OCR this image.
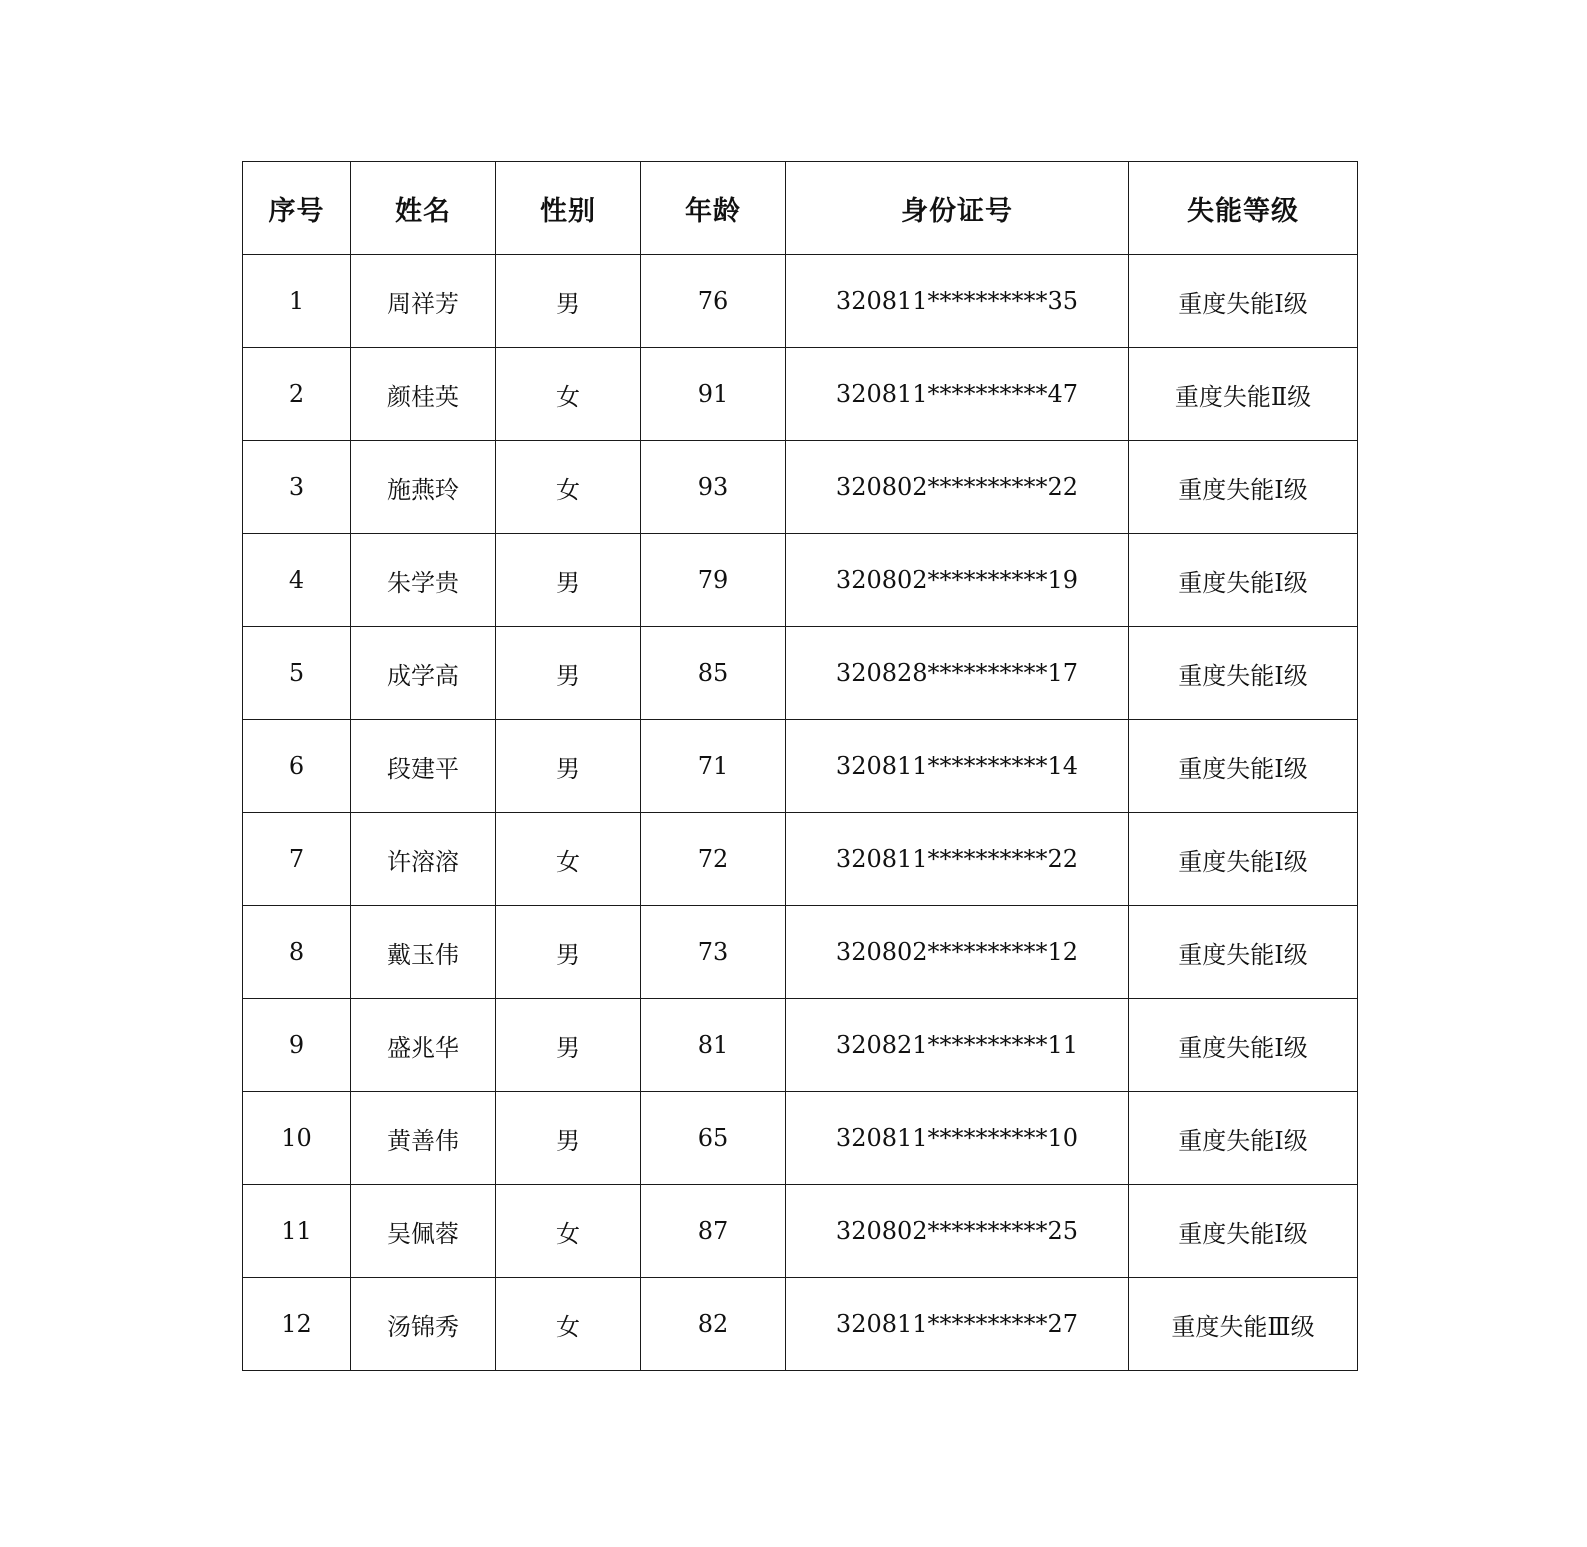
序号	姓名	性别	年龄	身份证号	失能等级
1	周祥芳	男	76	320811**********35	重度失能Ⅰ级
2	颜桂英	女	91	320811**********47	重度失能Ⅱ级
3	施燕玲	女	93	320802**********22	重度失能Ⅰ级
4	朱学贵	男	79	320802**********19	重度失能Ⅰ级
5	成学高	男	85	320828**********17	重度失能Ⅰ级
6	段建平	男	71	320811**********14	重度失能Ⅰ级
7	许溶溶	女	72	320811**********22	重度失能Ⅰ级
8	戴玉伟	男	73	320802**********12	重度失能Ⅰ级
9	盛兆华	男	81	320821**********11	重度失能Ⅰ级
10	黄善伟	男	65	320811**********10	重度失能Ⅰ级
11	吴佩蓉	女	87	320802**********25	重度失能Ⅰ级
12	汤锦秀	女	82	320811**********27	重度失能Ⅲ级
